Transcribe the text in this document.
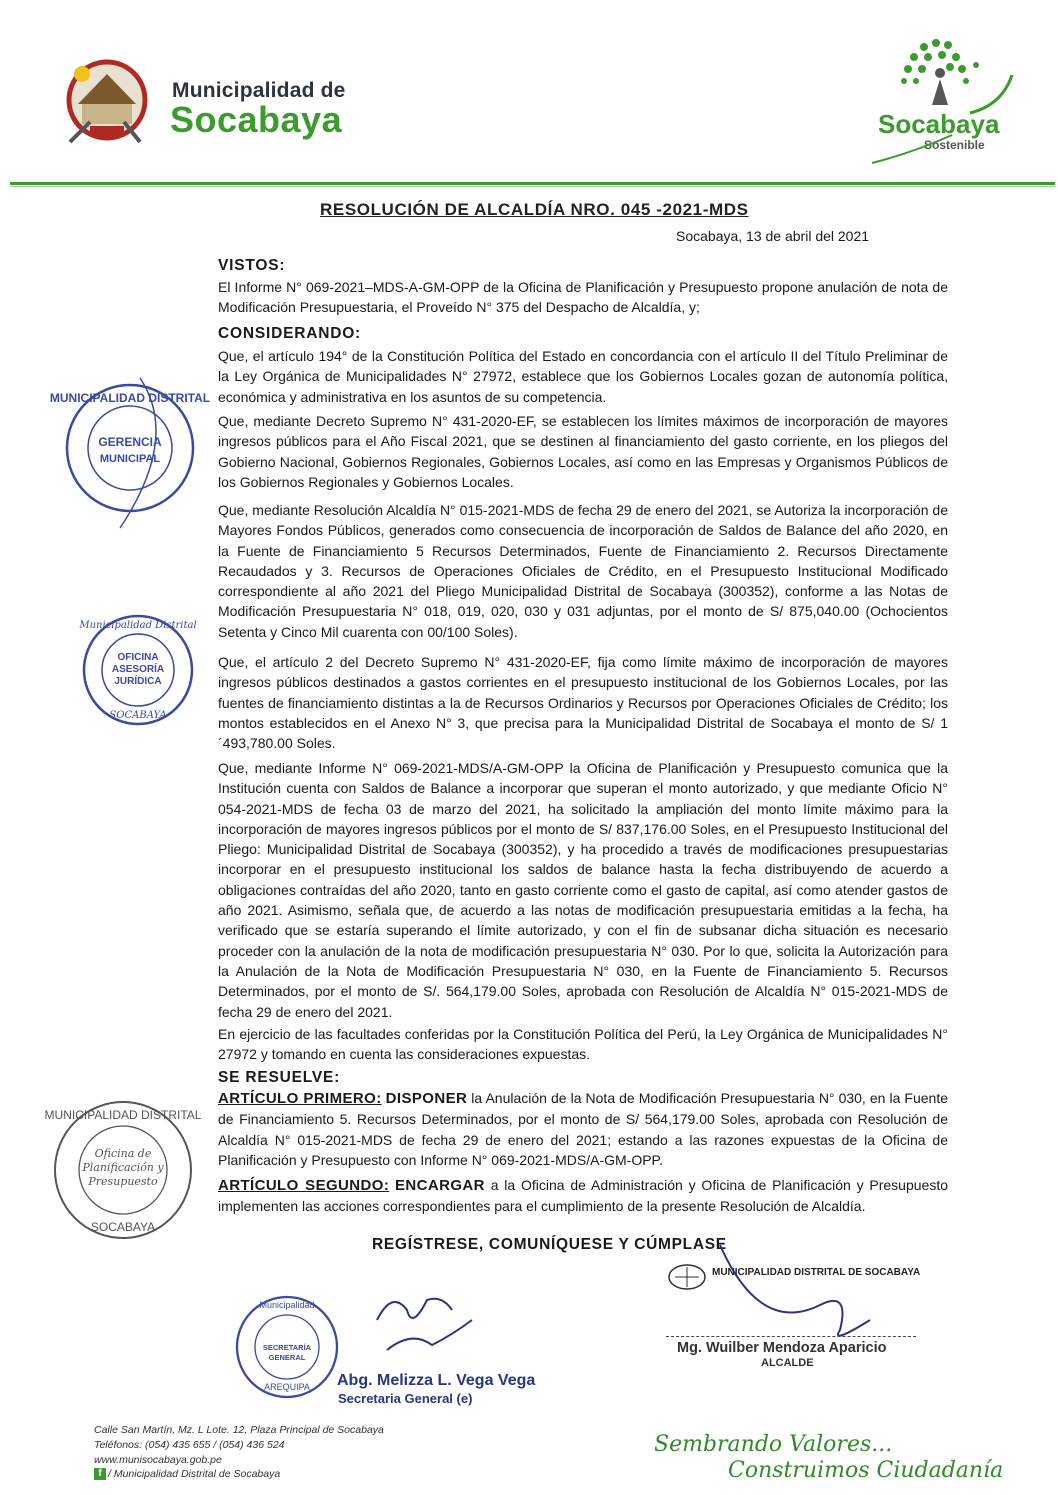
Municipalidad de
Socabaya	Socabaya
Sostenible
RESOLUCIÓN DE ALCALDÍA NRO. 045 -2021-MDS
Socabaya, 13 de abril del 2021
VISTOS:
El Informe N° 069-2021–MDS-A-GM-OPP de la Oficina de Planificación y Presupuesto propone anulación de nota de Modificación Presupuestaria, el Proveído N° 375 del Despacho de Alcaldía, y;
CONSIDERANDO:
Que, el artículo 194° de la Constitución Política del Estado en concordancia con el artículo II del Título Preliminar de la Ley Orgánica de Municipalidades N° 27972, establece que los Gobiernos Locales gozan de autonomía política, económica y administrativa en los asuntos de su competencia.
Que, mediante Decreto Supremo N° 431-2020-EF, se establecen los límites máximos de incorporación de mayores ingresos públicos para el Año Fiscal 2021, que se destinen al financiamiento del gasto corriente, en los pliegos del Gobierno Nacional, Gobiernos Regionales, Gobiernos Locales, así como en las Empresas y Organismos Públicos de los Gobiernos Regionales y Gobiernos Locales.
Que, mediante Resolución Alcaldía N° 015-2021-MDS de fecha 29 de enero del 2021, se Autoriza la incorporación de Mayores Fondos Públicos, generados como consecuencia de incorporación de Saldos de Balance del año 2020, en la Fuente de Financiamiento 5 Recursos Determinados, Fuente de Financiamiento 2. Recursos Directamente Recaudados y 3. Recursos de Operaciones Oficiales de Crédito, en el Presupuesto Institucional Modificado correspondiente al año 2021 del Pliego Municipalidad Distrital de Socabaya (300352), conforme a las Notas de Modificación Presupuestaria N° 018, 019, 020, 030 y 031 adjuntas, por el monto de S/ 875,040.00 (Ochocientos Setenta y Cinco Mil cuarenta con 00/100 Soles).
Que, el artículo 2 del Decreto Supremo N° 431-2020-EF, fija como límite máximo de incorporación de mayores ingresos públicos destinados a gastos corrientes en el presupuesto institucional de los Gobiernos Locales, por las fuentes de financiamiento distintas a la de Recursos Ordinarios y Recursos por Operaciones Oficiales de Crédito; los montos establecidos en el Anexo N° 3, que precisa para la Municipalidad Distrital de Socabaya el monto de S/ 1´493,780.00 Soles.
Que, mediante Informe N° 069-2021-MDS/A-GM-OPP la Oficina de Planificación y Presupuesto comunica que la Institución cuenta con Saldos de Balance a incorporar que superan el monto autorizado, y que mediante Oficio N° 054-2021-MDS de fecha 03 de marzo del 2021, ha solicitado la ampliación del monto límite máximo para la incorporación de mayores ingresos públicos por el monto de S/ 837,176.00 Soles, en el Presupuesto Institucional del Pliego: Municipalidad Distrital de Socabaya (300352), y ha procedido a través de modificaciones presupuestarias incorporar en el presupuesto institucional los saldos de balance hasta la fecha distribuyendo de acuerdo a obligaciones contraídas del año 2020, tanto en gasto corriente como el gasto de capital, así como atender gastos de año 2021. Asimismo, señala que, de acuerdo a las notas de modificación presupuestaria emitidas a la fecha, ha verificado que se estaría superando el límite autorizado, y con el fin de subsanar dicha situación es necesario proceder con la anulación de la nota de modificación presupuestaria N° 030. Por lo que, solicita la Autorización para la Anulación de la Nota de Modificación Presupuestaria N° 030, en la Fuente de Financiamiento 5. Recursos Determinados, por el monto de S/. 564,179.00 Soles, aprobada con Resolución de Alcaldía N° 015-2021-MDS de fecha 29 de enero del 2021.
En ejercicio de las facultades conferidas por la Constitución Política del Perú, la Ley Orgánica de Municipalidades N° 27972 y tomando en cuenta las consideraciones expuestas.
SE RESUELVE:
ARTÍCULO PRIMERO: DISPONER la Anulación de la Nota de Modificación Presupuestaria N° 030, en la Fuente de Financiamiento 5. Recursos Determinados, por el monto de S/ 564,179.00 Soles, aprobada con Resolución de Alcaldía N° 015-2021-MDS de fecha 29 de enero del 2021; estando a las razones expuestas de la Oficina de Planificación y Presupuesto con Informe N° 069-2021-MDS/A-GM-OPP.
ARTÍCULO SEGUNDO: ENCARGAR a la Oficina de Administración y Oficina de Planificación y Presupuesto implementen las acciones correspondientes para el cumplimiento de la presente Resolución de Alcaldía.
REGÍSTRESE, COMUNÍQUESE Y CÚMPLASE
MUNICIPALIDAD DISTRITAL
GERENCIA
MUNICIPAL
Municipalidad Distrital
OFICINA
ASESORÍA
JURÍDICA
SOCABAYA
MUNICIPALIDAD DISTRITAL
Oficina de
Planificación y
Presupuesto
SOCABAYA
Municipalidad
SECRETARÍA
GENERAL
AREQUIPA Abg. Melizza L. Vega Vega
Secretaria General (e)
MUNICIPALIDAD DISTRITAL DE SOCABAYA
Mg. Wuilber Mendoza Aparicio
ALCALDE
Calle San Martín, Mz. L Lote. 12, Plaza Principal de Socabaya
Teléfonos: (054) 435 655 / (054) 436 524
www.munisocabaya.gob.pe
f / Municipalidad Distrital de Socabaya
Sembrando Valores...
Construimos Ciudadanía
